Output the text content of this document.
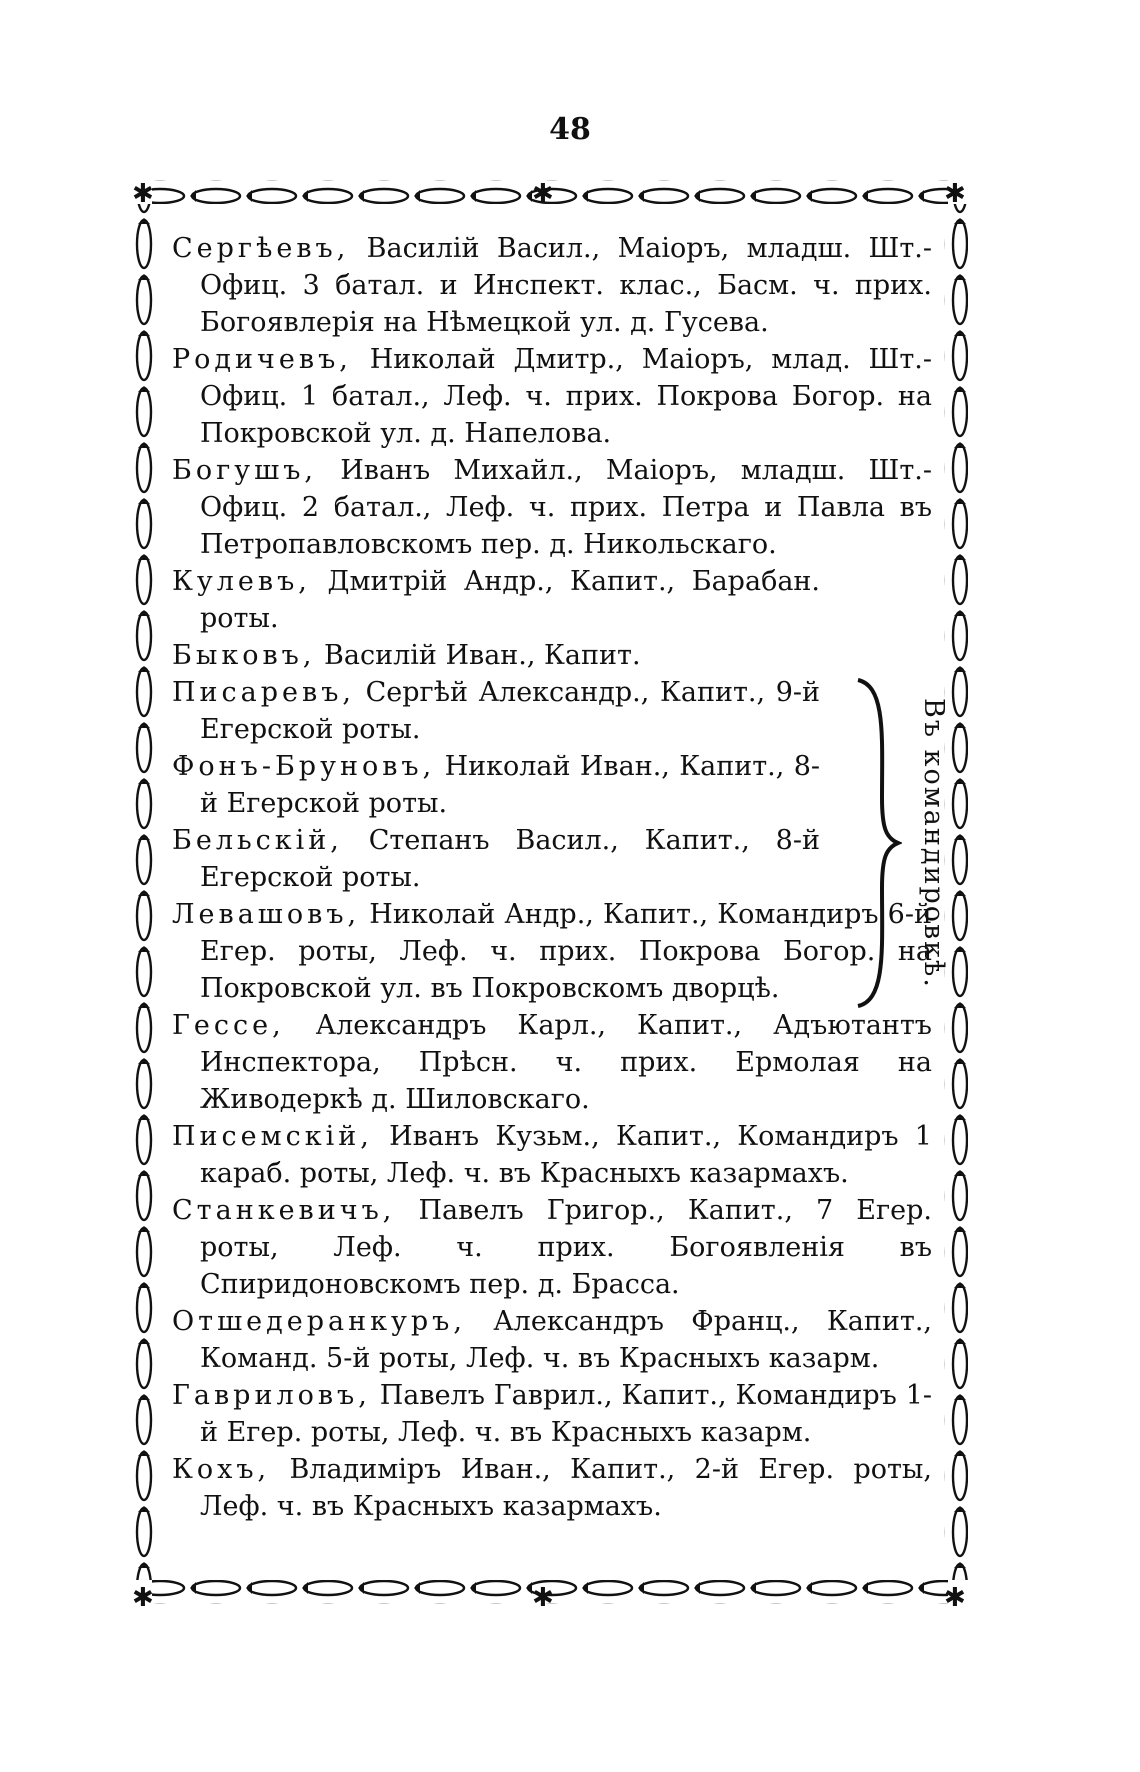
48
✱	✱
✱	✱
✱
✱

Сергѣевъ, Василій Васил., Маіоръ, младш. Шт.-Офиц. 3 батал. и Инспект. клас., Басм. ч. прих. Богоявлерія на Нѣмецкой ул. д. Гусева.

Родичевъ, Николай Дмитр., Маіоръ, млад. Шт.-Офиц. 1 батал., Леф. ч. прих. Покрова Богор. на Покровской ул. д. Напелова.

Богушъ, Иванъ Михайл., Маіоръ, младш. Шт.-Офиц. 2 батал., Леф. ч. прих. Петра и Павла въ Петропавловскомъ пер. д. Никольскаго.

Кулевъ, Дмитрій Андр., Капит., Барабан. роты.

Быковъ, Василій Иван., Капит.

Писаревъ, Сергѣй Александр., Капит., 9-й Егерской роты.

Фонъ-Бруновъ, Николай Иван., Капит., 8-й Егерской роты.

Бельскій, Степанъ Васил., Капит., 8-й Егерской роты.

Левашовъ, Николай Андр., Капит., Командиръ 6-й Егер. роты, Леф. ч. прих. Покрова Богор. на Покровской ул. въ Покровскомъ дворцѣ.

Гессе, Александръ Карл., Капит., Адъютантъ Инспектора, Прѣсн. ч. прих. Ермолая на Живодеркѣ д. Шиловскаго.

Писемскій, Иванъ Кузьм., Капит., Командиръ 1 караб. роты, Леф. ч. въ Красныхъ казармахъ.

Станкевичъ, Павелъ Григор., Капит., 7 Егер. роты, Леф. ч. прих. Богоявленія въ Спиридоновскомъ пер. д. Брасса.

Отшедеранкуръ, Александръ Франц., Капит., Команд. 5-й роты, Леф. ч. въ Красныхъ казарм.

Гавриловъ, Павелъ Гаврил., Капит., Командиръ 1-й Егер. роты, Леф. ч. въ Красныхъ казарм.

Кохъ, Владиміръ Иван., Капит., 2-й Егер. роты, Леф. ч. въ Красныхъ казармахъ.

Въ командировкѣ.
